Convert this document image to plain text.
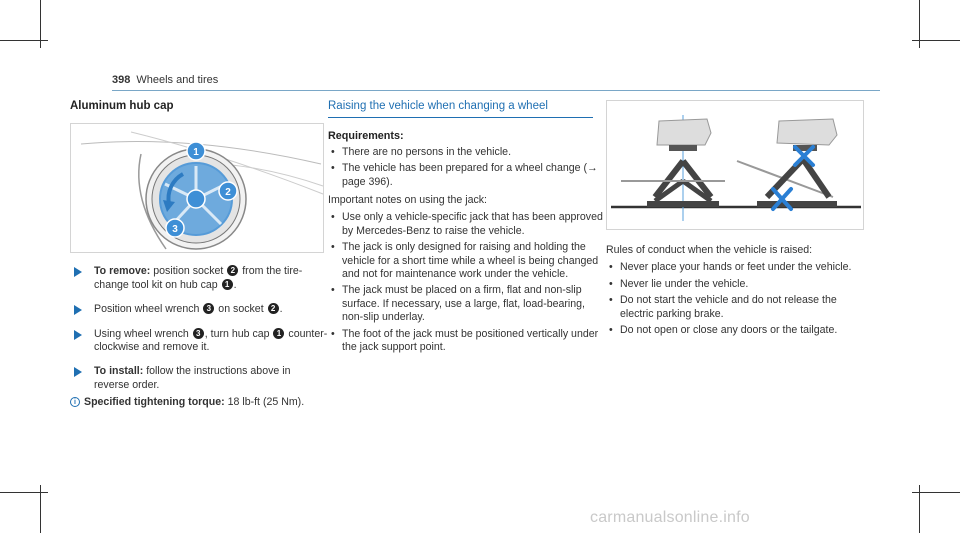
398 Wheels and tires
Aluminum hub cap
1
2
3
To remove: position socket 2 from the tire-change tool kit on hub cap 1 .
Position wheel wrench 3 on socket 2 .
Using wheel wrench 3 , turn hub cap 1 counter-clockwise and remove it.
To install: follow the instructions above in reverse order.
i Specified tightening torque: 18 lb-ft (25 Nm).
Raising the vehicle when changing a wheel
Requirements:
• There are no persons in the vehicle.
• The vehicle has been prepared for a wheel change (→ page 396).
Important notes on using the jack:
• Use only a vehicle-specific jack that has been approved by Mercedes-Benz to raise the vehicle.
• The jack is only designed for raising and holding the vehicle for a short time while a wheel is being changed and not for maintenance work under the vehicle.
• The jack must be placed on a firm, flat and non-slip surface. If necessary, use a large, flat, load-bearing, non-slip underlay.
• The foot of the jack must be positioned vertically under the jack support point.
Rules of conduct when the vehicle is raised:
• Never place your hands or feet under the vehicle.
• Never lie under the vehicle.
• Do not start the vehicle and do not release the electric parking brake.
• Do not open or close any doors or the tailgate.
carmanualsonline.info
